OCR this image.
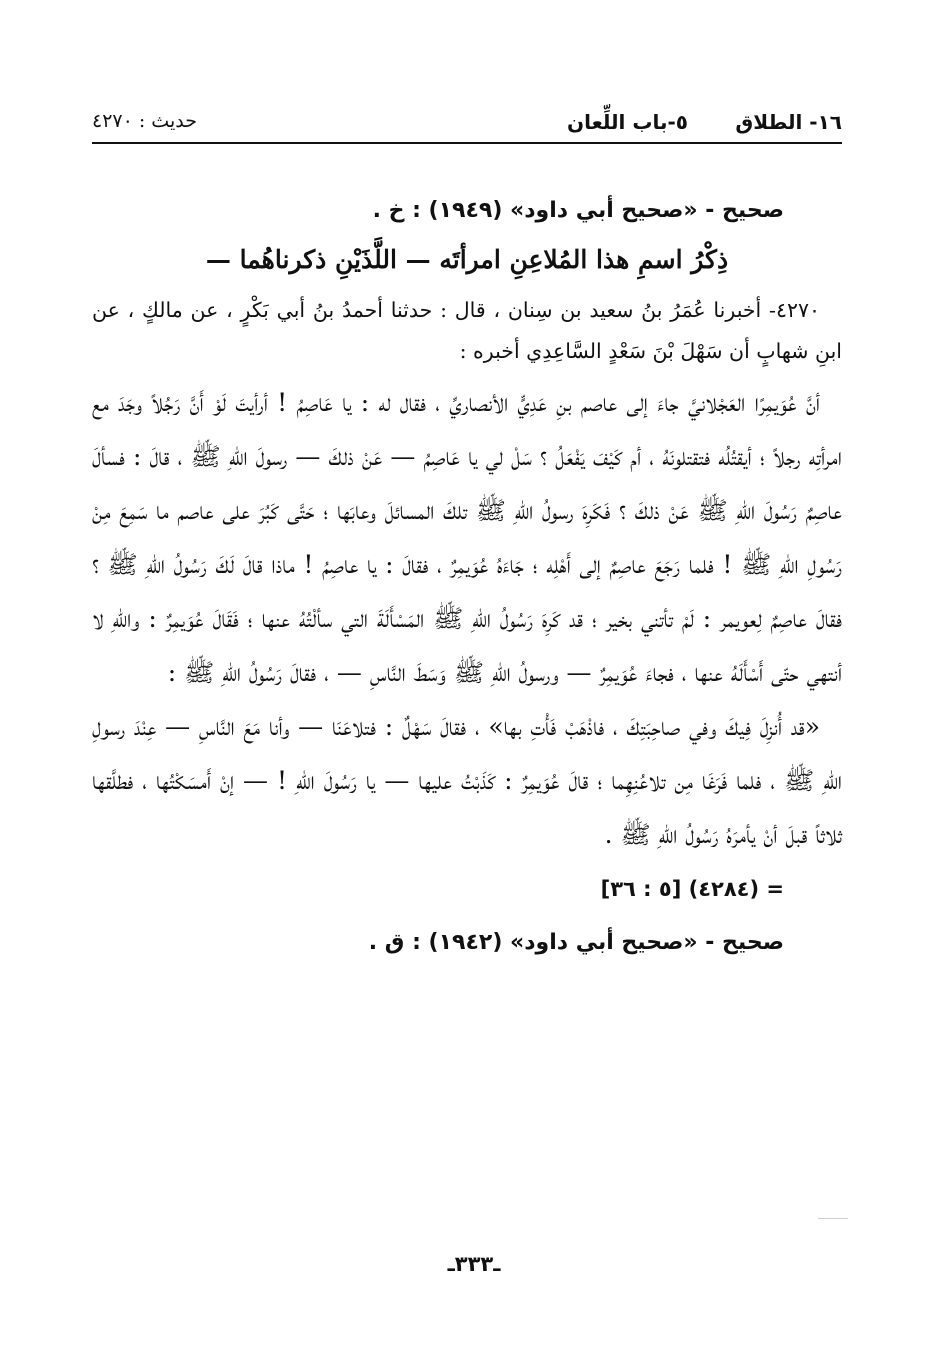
١٦- الطلاق
٥-باب اللِّعان
حديث : ٤٢٧٠
صحيح - «صحيح أبي داود» (١٩٤٩) : خ .
ذِكْرُ اسمِ هذا المُلاعِنِ امرأتَه — اللَّذَيْنِ ذكرناهُما —

٤٢٧٠- أخبرنا عُمَرُ بنُ سعيد بن سِنان ، قال : حدثنا أحمدُ بنُ أبي بَكْرٍ ، عن مالكٍ ، عن ابنِ شهابٍ أن سَهْلَ بْنَ سَعْدٍ السَّاعِدِي أخبره :

أنَّ عُوَيمِرًا العَجْلانيَّ جاءَ إلى عاصم بنِ عَدِيٍّ الأنصاريِّ ، فقال له : يا عَاصِمُ ! أرأيتَ لَوْ أَنَّ رَجُلاً وجَدَ مع امرأتِه رجلاً ؛ أيقتُلُه فتقتلونَهُ ، أم كَيْفَ يَفْعَلُ ؟ سَلْ لي يا عَاصِمُ — عَنْ ذلكَ — رسولَ اللّهِ ﷺ ، قالَ : فسألَ عاصِمٌ رَسُولَ اللّهِ ﷺ عَنْ ذلكَ ؟ فَكَرِهَ رسولُ اللّهِ ﷺ تلكَ المسائلَ وعابَها ؛ حَتَّى كَبُرَ على عاصم ما سَمِعَ مِنْ رَسُولِ اللّهِ ﷺ ! فلما رَجَعَ عاصِمٌ إلى أَهْلِه ؛ جَاءَهُ عُوَيمِرٌ ، فقالَ : يا عاصِمُ ! ماذا قالَ لَكَ رَسُولُ اللّهِ ﷺ ؟ فقالَ عاصِمٌ لِعويمر : لَمْ تأتني بخير ؛ قد كَرِهَ رَسُولُ اللّهِ ﷺ المَسْأَلَةَ التي سألْتُهُ عنها ؛ فَقَالَ عُوَيمِرٌ : واللّهِ لا أنتهي حتّى أَسْأَلَهُ عنها ، فجاءَ عُوَيمِرٌ — ورسولُ اللّهِ ﷺ وَسَطَ النَّاسِ — ، فقالَ رَسُولُ اللّهِ ﷺ :

«قد أُنزِلَ فِيكَ وفي صاحِبَتِكَ ، فاذْهَبْ فَأْتِ بها» ، فقالَ سَهْلٌ : فتلاعَنَا — وأنا مَعَ النَّاسِ — عِنْدَ رسولِ اللّهِ ﷺ ، فلما فَرَغَا مِن تلاعُنِهِما ؛ قالَ عُوَيمِرٌ : كَذَبْتُ عليها — يا رَسُولَ اللّهِ ! — إنْ أَمسَكْتُها ، فطلَّقها ثلاثاً قبلَ أنْ يأمرَهُ رَسُولُ اللّهِ ﷺ .

= (٤٢٨٤) [٥ : ٣٦]
صحيح - «صحيح أبي داود» (١٩٤٢) : ق .
ـ٣٣٣ـ
